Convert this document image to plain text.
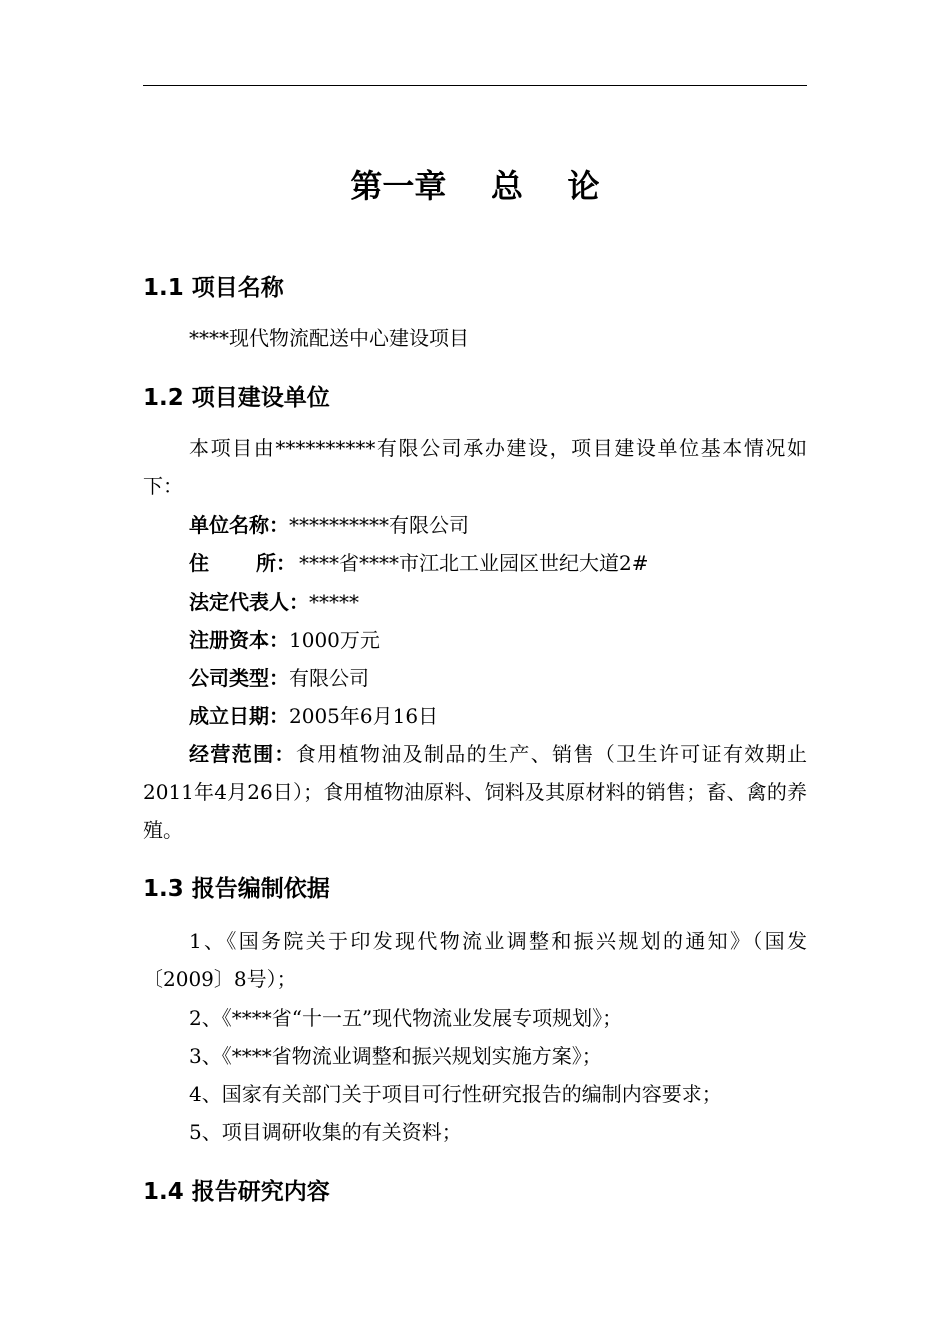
第一章    总    论
1.1 项目名称
****现代物流配送中心建设项目
1.2 项目建设单位
本项目由**********有限公司承办建设，项目建设单位基本情况如下：
单位名称：**********有限公司
住 所： ****省****市江北工业园区世纪大道2#
法定代表人：*****
注册资本：1000万元
公司类型：有限公司
成立日期：2005年6月16日
经营范围：食用植物油及制品的生产、销售（卫生许可证有效期止2011年4月26日）；食用植物油原料、饲料及其原材料的销售；畜、禽的养殖。
1.3 报告编制依据
1、《国务院关于印发现代物流业调整和振兴规划的通知》（国发〔2009〕8号）；
2、《****省“十一五”现代物流业发展专项规划》；
3、《****省物流业调整和振兴规划实施方案》；
4、国家有关部门关于项目可行性研究报告的编制内容要求；
5、项目调研收集的有关资料；
1.4 报告研究内容
